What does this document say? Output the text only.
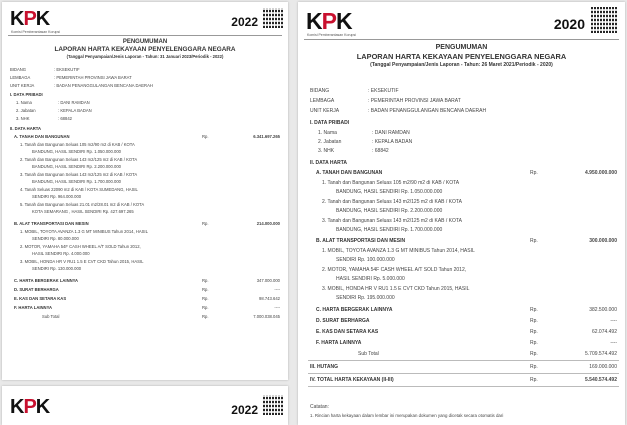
KPK
Komisi Pemberantasan Korupsi
2022
PENGUMUMAN
LAPORAN HARTA KEKAYAAN PENYELENGGARA NEGARA
(Tanggal Penyampaian/Jenis Laporan - Tahun: 31 Januari 2023/Periodik - 2022)
BIDANG	: EKSEKUTIF
LEMBAGA	: PEMERINTAH PROVINSI JAWA BARAT
UNIT KERJA	: BADAN PENANGGULANGAN BENCANA DAERAH
I. DATA PRIBADI
1. Nama	: DANI RAMDAN
2. Jabatan	: KEPALA BADAN
3. NHK	: 68842
II. DATA HARTA
A. TANAH DAN BANGUNAN	Rp.	6.341.697.265
1. Tanah dan Bangunan Seluas 105 m2/90 m2 di KAB / KOTA
BANDUNG, HASIL SENDIRI Rp. 1.050.000.000
2. Tanah dan Bangunan Seluas 143 m2/125 m2 di KAB / KOTA
BANDUNG, HASIL SENDIRI Rp. 2.200.000.000
3. Tanah dan Bangunan Seluas 143 m2/125 m2 di KAB / KOTA
BANDUNG, HASIL SENDIRI Rp. 1.700.000.000
4. Tanah Seluas 22090 m2 di KAB / KOTA SUMEDANG, HASIL
SENDIRI Rp. 964.000.000
5. Tanah dan Bangunan Seluas 21.01 m2/28.01 m2 di KAB / KOTA
KOTA SEMARANG , HASIL SENDIRI Rp. 427.697.265
B. ALAT TRANSPORTASI DAN MESIN	Rp.	214.000.000
1. MOBIL, TOYOTA AVANZA 1.3 G MT MINIBUS Tahun 2014, HASIL
SENDIRI Rp. 80.000.000
2. MOTOR, YAMAHA 54F CASH WHEEL A/T SOLD Tahun 2012,
HASIL SENDIRI Rp. 4.000.000
3. MOBIL, HONDA HR V RU1 1.5 E CVT CKD Tahun 2015, HASIL
SENDIRI Rp. 130.000.000
C. HARTA BERGERAK LAINNYA	Rp.	347.000.000
D. SURAT BERHARGA	Rp.	----
E. KAS DAN SETARA KAS	Rp.	98.743.642
F. HARTA LAINNYA	Rp.	----
Sub Total	Rp.	7.000.038.045
KPK	2022
KPK
Komisi Pemberantasan Korupsi
2020
PENGUMUMAN
LAPORAN HARTA KEKAYAAN PENYELENGGARA NEGARA
(Tanggal Penyampaian/Jenis Laporan - Tahun: 26 Maret 2021/Periodik - 2020)
BIDANG	: EKSEKUTIF
LEMBAGA	: PEMERINTAH PROVINSI JAWA BARAT
UNIT KERJA	: BADAN PENANGGULANGAN BENCANA DAERAH
I. DATA PRIBADI
1. Nama	: DANI RAMDAN
2. Jabatan	: KEPALA BADAN
3. NHK	: 68842
II. DATA HARTA
A. TANAH DAN BANGUNAN	Rp.	4.950.000.000
1. Tanah dan Bangunan Seluas 105 m2/90 m2 di KAB / KOTA
BANDUNG, HASIL SENDIRI Rp. 1.050.000.000
2. Tanah dan Bangunan Seluas 143 m2/125 m2 di KAB / KOTA
BANDUNG, HASIL SENDIRI Rp. 2.200.000.000
3. Tanah dan Bangunan Seluas 143 m2/125 m2 di KAB / KOTA
BANDUNG, HASIL SENDIRI Rp. 1.700.000.000
B. ALAT TRANSPORTASI DAN MESIN	Rp.	300.000.000
1. MOBIL, TOYOTA AVANZA 1.3 G MT MINIBUS Tahun 2014, HASIL
SENDIRI Rp. 100.000.000
2. MOTOR, YAMAHA 54F CASH WHEEL A/T SOLD Tahun 2012,
HASIL SENDIRI Rp. 5.000.000
3. MOBIL, HONDA HR V RU1 1.5 E CVT CKD Tahun 2015, HASIL
SENDIRI Rp. 195.000.000
C. HARTA BERGERAK LAINNYA	Rp.	382.500.000
D. SURAT BERHARGA	Rp.	----
E. KAS DAN SETARA KAS	Rp.	62.074.492
F. HARTA LAINNYA	Rp.	----
Sub Total	Rp.	5.709.574.492
III. HUTANG	Rp.	169.000.000
IV. TOTAL HARTA KEKAYAAN (II-III)	Rp.	5.540.574.492
Catatan:
1. Rincian harta kekayaan dalam lembar ini merupakan dokumen yang dicetak secara otomatis dari
